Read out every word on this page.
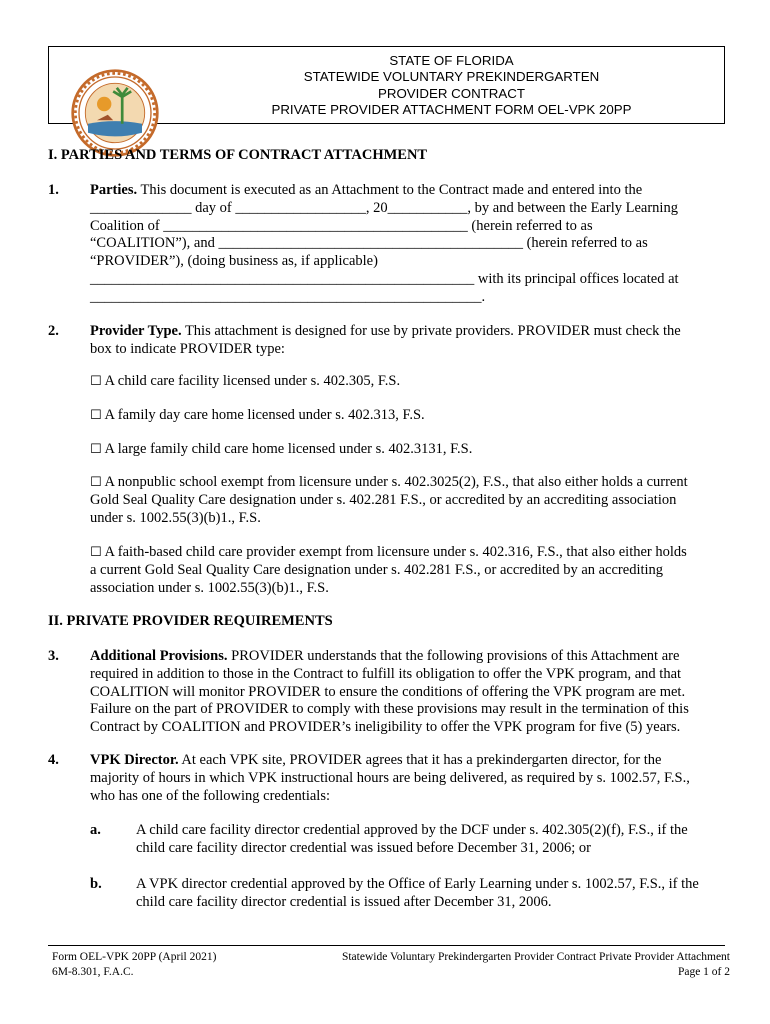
STATE OF FLORIDA
STATEWIDE VOLUNTARY PREKINDERGARTEN
PROVIDER CONTRACT
PRIVATE PROVIDER ATTACHMENT FORM OEL-VPK 20PP
I. PARTIES AND TERMS OF CONTRACT ATTACHMENT
1. Parties. This document is executed as an Attachment to the Contract made and entered into the
______________ day of __________________, 20___________, by and between the Early Learning
Coalition of __________________________________________ (herein referred to as
“COALITION”), and __________________________________________ (herein referred to as
“PROVIDER”), (doing business as, if applicable)
_____________________________________________________ with its principal offices located at
______________________________________________________.
2. Provider Type. This attachment is designed for use by private providers. PROVIDER must check the
box to indicate PROVIDER type:
☐ A child care facility licensed under s. 402.305, F.S.
☐ A family day care home licensed under s. 402.313, F.S.
☐ A large family child care home licensed under s. 402.3131, F.S.
☐ A nonpublic school exempt from licensure under s. 402.3025(2), F.S., that also either holds a current
Gold Seal Quality Care designation under s. 402.281 F.S., or accredited by an accrediting association
under s. 1002.55(3)(b)1., F.S.
☐ A faith-based child care provider exempt from licensure under s. 402.316, F.S., that also either holds
a current Gold Seal Quality Care designation under s. 402.281 F.S., or accredited by an accrediting
association under s. 1002.55(3)(b)1., F.S.
II. PRIVATE PROVIDER REQUIREMENTS
3. Additional Provisions. PROVIDER understands that the following provisions of this Attachment are
required in addition to those in the Contract to fulfill its obligation to offer the VPK program, and that
COALITION will monitor PROVIDER to ensure the conditions of offering the VPK program are met.
Failure on the part of PROVIDER to comply with these provisions may result in the termination of this
Contract by COALITION and PROVIDER’s ineligibility to offer the VPK program for five (5) years.
4. VPK Director. At each VPK site, PROVIDER agrees that it has a prekindergarten director, for the
majority of hours in which VPK instructional hours are being delivered, as required by s. 1002.57, F.S.,
who has one of the following credentials:
a. A child care facility director credential approved by the DCF under s. 402.305(2)(f), F.S., if the
child care facility director credential was issued before December 31, 2006; or
b. A VPK director credential approved by the Office of Early Learning under s. 1002.57, F.S., if the
child care facility director credential is issued after December 31, 2006.
Form OEL-VPK 20PP (April 2021)
6M-8.301, F.A.C.
Statewide Voluntary Prekindergarten Provider Contract Private Provider Attachment
Page 1 of 2
